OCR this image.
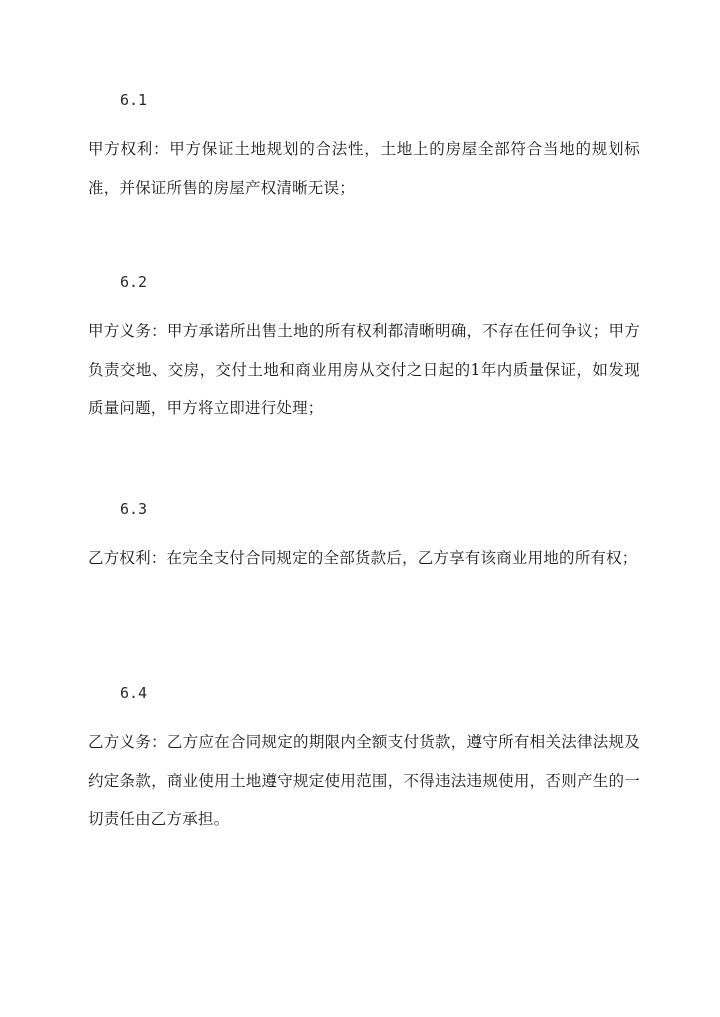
6.1

甲方权利：甲方保证土地规划的合法性，土地上的房屋全部符合当地的规划标准，并保证所售的房屋产权清晰无误；

6.2

甲方义务：甲方承诺所出售土地的所有权利都清晰明确，不存在任何争议；甲方负责交地、交房，交付土地和商业用房从交付之日起的1年内质量保证，如发现质量问题，甲方将立即进行处理；

6.3

乙方权利：在完全支付合同规定的全部货款后，乙方享有该商业用地的所有权；

6.4

乙方义务：乙方应在合同规定的期限内全额支付货款，遵守所有相关法律法规及约定条款，商业使用土地遵守规定使用范围，不得违法违规使用，否则产生的一切责任由乙方承担。
